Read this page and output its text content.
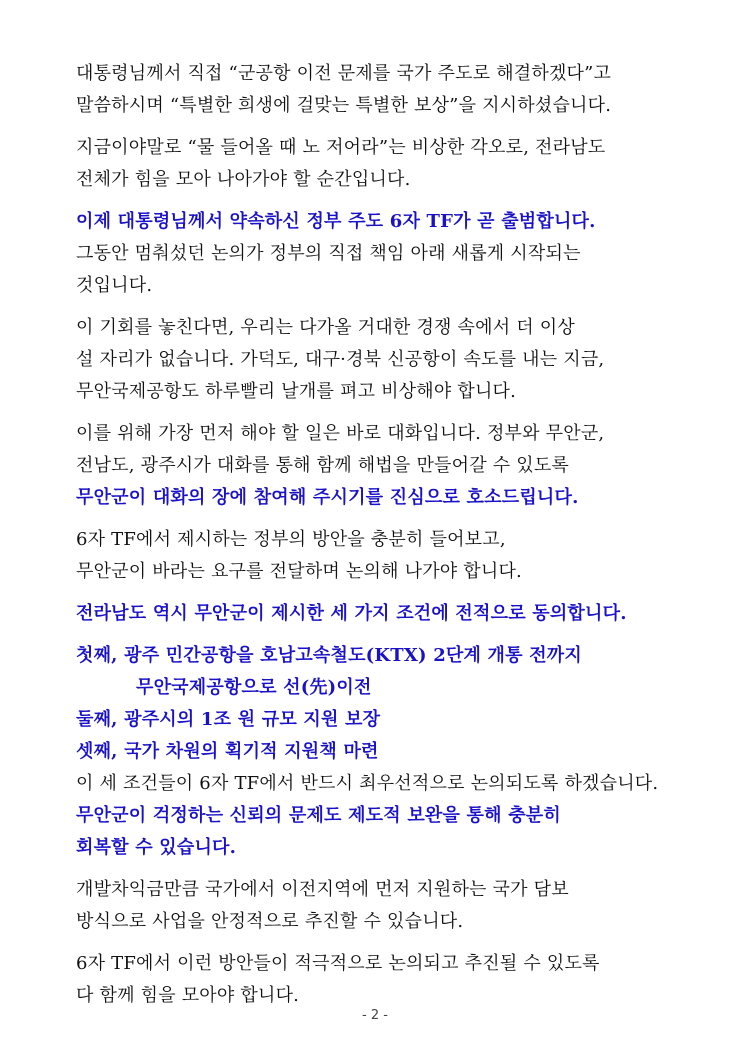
대통령님께서 직접 “군공항 이전 문제를 국가 주도로 해결하겠다”고
말씀하시며 “특별한 희생에 걸맞는 특별한 보상”을 지시하셨습니다.

지금이야말로 “물 들어올 때 노 저어라”는 비상한 각오로, 전라남도
전체가 힘을 모아 나아가야 할 순간입니다.

이제 대통령님께서 약속하신 정부 주도 6자 TF가 곧 출범합니다.
그동안 멈춰섰던 논의가 정부의 직접 책임 아래 새롭게 시작되는
것입니다.

이 기회를 놓친다면, 우리는 다가올 거대한 경쟁 속에서 더 이상
설 자리가 없습니다. 가덕도, 대구·경북 신공항이 속도를 내는 지금,
무안국제공항도 하루빨리 날개를 펴고 비상해야 합니다.

이를 위해 가장 먼저 해야 할 일은 바로 대화입니다. 정부와 무안군,
전남도, 광주시가 대화를 통해 함께 해법을 만들어갈 수 있도록
무안군이 대화의 장에 참여해 주시기를 진심으로 호소드립니다.

6자 TF에서 제시하는 정부의 방안을 충분히 들어보고,
무안군이 바라는 요구를 전달하며 논의해 나가야 합니다.

전라남도 역시 무안군이 제시한 세 가지 조건에 전적으로 동의합니다.

첫째, 광주 민간공항을 호남고속철도(KTX) 2단계 개통 전까지
무안국제공항으로 선(先)이전
둘째, 광주시의 1조 원 규모 지원 보장
셋째, 국가 차원의 획기적 지원책 마련
이 세 조건들이 6자 TF에서 반드시 최우선적으로 논의되도록 하겠습니다.

무안군이 걱정하는 신뢰의 문제도 제도적 보완을 통해 충분히
회복할 수 있습니다.

개발차익금만큼 국가에서 이전지역에 먼저 지원하는 국가 담보
방식으로 사업을 안정적으로 추진할 수 있습니다.

6자 TF에서 이런 방안들이 적극적으로 논의되고 추진될 수 있도록
다 함께 힘을 모아야 합니다.

- 2 -
